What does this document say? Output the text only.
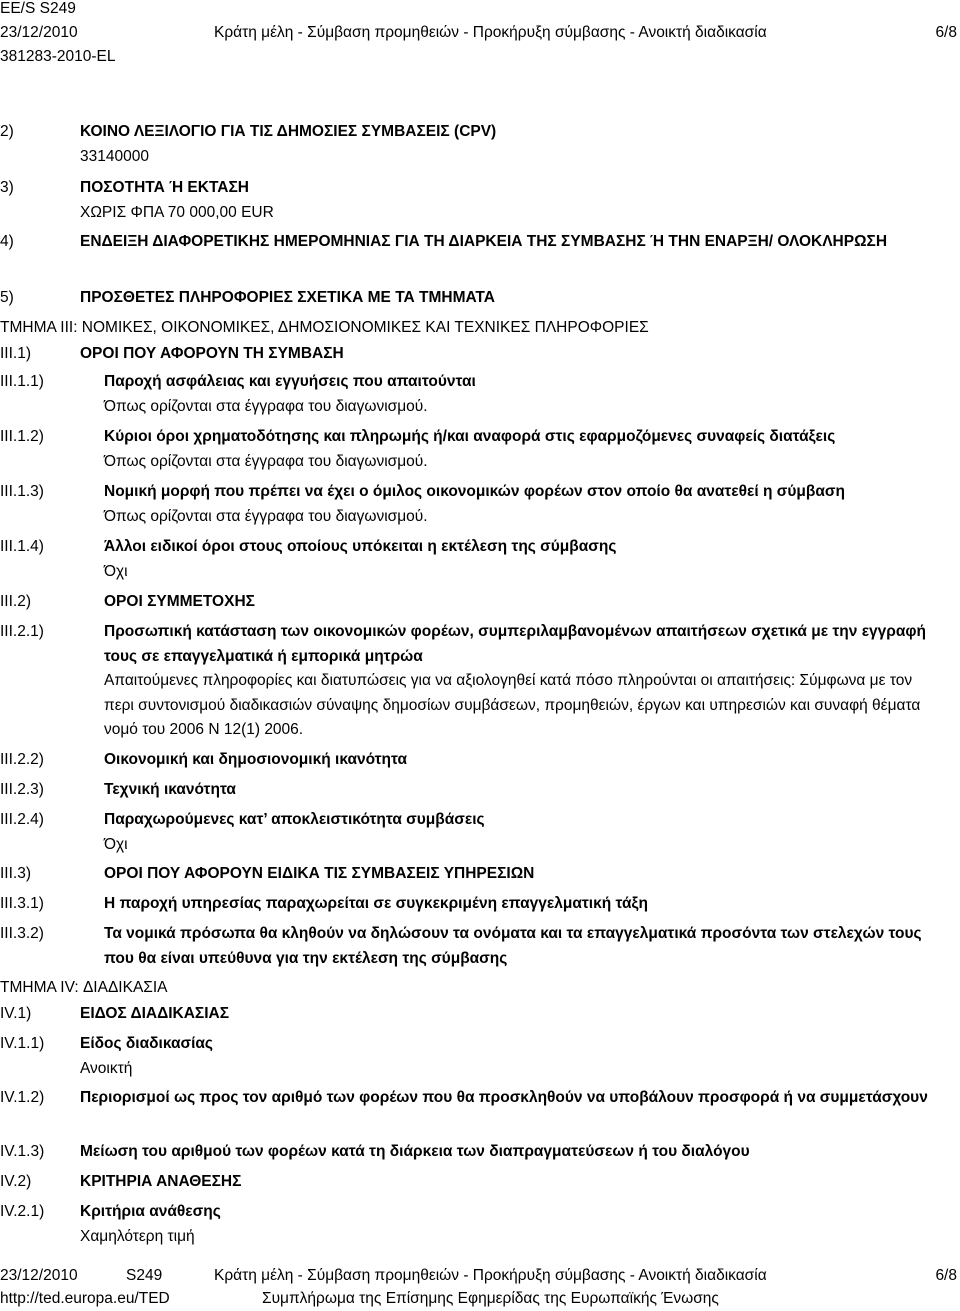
EE/S S249
23/12/2010	Κράτη μέλη - Σύμβαση προμηθειών - Προκήρυξη σύμβασης - Ανοικτή διαδικασία	6/8
381283-2010-EL
2)	ΚΟΙΝΟ ΛΕΞΙΛΟΓΙΟ ΓΙΑ ΤΙΣ ΔΗΜΟΣΙΕΣ ΣΥΜΒΑΣΕΙΣ (CPV)
33140000
3)	ΠΟΣΟΤΗΤΑ Ή ΕΚΤΑΣΗ
ΧΩΡΙΣ ΦΠΑ 70 000,00 EUR
4)	ΕΝΔΕΙΞΗ ΔΙΑΦΟΡΕΤΙΚΗΣ ΗΜΕΡΟΜΗΝΙΑΣ ΓΙΑ ΤΗ ΔΙΑΡΚΕΙΑ ΤΗΣ ΣΥΜΒΑΣΗΣ Ή ΤΗΝ ΕΝΑΡΞΗ/ ΟΛΟΚΛΗΡΩΣΗ
5)	ΠΡΟΣΘΕΤΕΣ ΠΛΗΡΟΦΟΡΙΕΣ ΣΧΕΤΙΚΑ ΜΕ ΤΑ ΤΜΗΜΑΤΑ
ΤΜΗΜΑ III: ΝΟΜΙΚΕΣ, ΟΙΚΟΝΟΜΙΚΕΣ, ΔΗΜΟΣΙΟΝΟΜΙΚΕΣ ΚΑΙ ΤΕΧΝΙΚΕΣ ΠΛΗΡΟΦΟΡΙΕΣ
III.1)	ΟΡΟΙ ΠΟΥ ΑΦΟΡΟΥΝ ΤΗ ΣΥΜΒΑΣΗ
III.1.1)	Παροχή ασφάλειας και εγγυήσεις που απαιτούνται
Όπως ορίζονται στα έγγραφα του διαγωνισμού.
III.1.2)	Κύριοι όροι χρηματοδότησης και πληρωμής ή/και αναφορά στις εφαρμοζόμενες συναφείς διατάξεις
Όπως ορίζονται στα έγγραφα του διαγωνισμού.
III.1.3)	Νομική μορφή που πρέπει να έχει ο όμιλος οικονομικών φορέων στον οποίο θα ανατεθεί η σύμβαση
Όπως ορίζονται στα έγγραφα του διαγωνισμού.
III.1.4)	Άλλοι ειδικοί όροι στους οποίους υπόκειται η εκτέλεση της σύμβασης
Όχι
III.2)	ΟΡΟΙ ΣΥΜΜΕΤΟΧΗΣ
III.2.1)	Προσωπική κατάσταση των οικονομικών φορέων, συμπεριλαμβανομένων απαιτήσεων σχετικά με την εγγραφή τους σε επαγγελματικά ή εμπορικά μητρώα
Απαιτούμενες πληροφορίες και διατυπώσεις για να αξιολογηθεί κατά πόσο πληρούνται οι απαιτήσεις: Σύμφωνα με τον περι συντονισμού διαδικασιών σύναψης δημοσίων συμβάσεων, προμηθειών, έργων και υπηρεσιών και συναφή θέματα νομό του 2006 Ν 12(1) 2006.
III.2.2)	Οικονομική και δημοσιονομική ικανότητα
III.2.3)	Τεχνική ικανότητα
III.2.4)	Παραχωρούμενες κατ’ αποκλειστικότητα συμβάσεις
Όχι
III.3)	ΟΡΟΙ ΠΟΥ ΑΦΟΡΟΥΝ ΕΙΔΙΚΑ ΤΙΣ ΣΥΜΒΑΣΕΙΣ ΥΠΗΡΕΣΙΩΝ
III.3.1)	Η παροχή υπηρεσίας παραχωρείται σε συγκεκριμένη επαγγελματική τάξη
III.3.2)	Τα νομικά πρόσωπα θα κληθούν να δηλώσουν τα ονόματα και τα επαγγελματικά προσόντα των στελεχών τους που θα είναι υπεύθυνα για την εκτέλεση της σύμβασης
ΤΜΗΜΑ IV: ΔΙΑΔΙΚΑΣΙΑ
IV.1)	ΕΙΔΟΣ ΔΙΑΔΙΚΑΣΙΑΣ
IV.1.1) Είδος διαδικασίας
Ανοικτή
IV.1.2) Περιορισμοί ως προς τον αριθμό των φορέων που θα προσκληθούν να υποβάλουν προσφορά ή να συμμετάσχουν
IV.1.3) Μείωση του αριθμού των φορέων κατά τη διάρκεια των διαπραγματεύσεων ή του διαλόγου
IV.2)	ΚΡΙΤΗΡΙΑ ΑΝΑΘΕΣΗΣ
IV.2.1) Κριτήρια ανάθεσης
Χαμηλότερη τιμή
23/12/2010	S249	Κράτη μέλη - Σύμβαση προμηθειών - Προκήρυξη σύμβασης - Ανοικτή διαδικασία	6/8
http://ted.europa.eu/TED	Συμπλήρωμα της Επίσημης Εφημερίδας της Ευρωπαϊκής Ένωσης
